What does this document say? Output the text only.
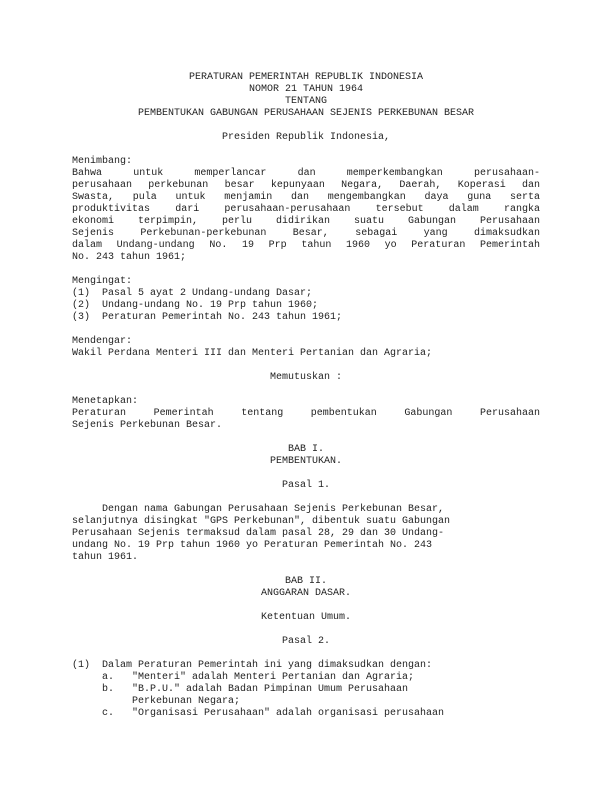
PERATURAN PEMERINTAH REPUBLIK INDONESIA
NOMOR 21 TAHUN 1964
TENTANG
PEMBENTUKAN GABUNGAN PERUSAHAAN SEJENIS PERKEBUNAN BESAR
Presiden Republik Indonesia,
Menimbang:
Bahwa untuk memperlancar dan memperkembangkan perusahaan-
perusahaan perkebunan besar kepunyaan Negara, Daerah, Koperasi dan
Swasta, pula untuk menjamin dan mengembangkan daya guna serta
produktivitas dari perusahaan-perusahaan tersebut dalam rangka
ekonomi terpimpin, perlu didirikan suatu Gabungan Perusahaan
Sejenis Perkebunan-perkebunan Besar, sebagai yang dimaksudkan
dalam Undang-undang No. 19 Prp tahun 1960 yo Peraturan Pemerintah
No. 243 tahun 1961;
Mengingat:
(1)  Pasal 5 ayat 2 Undang-undang Dasar;
(2)  Undang-undang No. 19 Prp tahun 1960;
(3)  Peraturan Pemerintah No. 243 tahun 1961;
Mendengar:
Wakil Perdana Menteri III dan Menteri Pertanian dan Agraria;
Memutuskan :
Menetapkan:
Peraturan Pemerintah tentang pembentukan Gabungan Perusahaan
Sejenis Perkebunan Besar.
BAB I.
PEMBENTUKAN.
Pasal 1.
Dengan nama Gabungan Perusahaan Sejenis Perkebunan Besar,
selanjutnya disingkat "GPS Perkebunan", dibentuk suatu Gabungan
Perusahaan Sejenis termaksud dalam pasal 28, 29 dan 30 Undang-
undang No. 19 Prp tahun 1960 yo Peraturan Pemerintah No. 243
tahun 1961.
BAB II.
ANGGARAN DASAR.
Ketentuan Umum.
Pasal 2.
(1)  Dalam Peraturan Pemerintah ini yang dimaksudkan dengan:
a.   "Menteri" adalah Menteri Pertanian dan Agraria;
b.   "B.P.U." adalah Badan Pimpinan Umum Perusahaan
Perkebunan Negara;
c.   "Organisasi Perusahaan" adalah organisasi perusahaan
